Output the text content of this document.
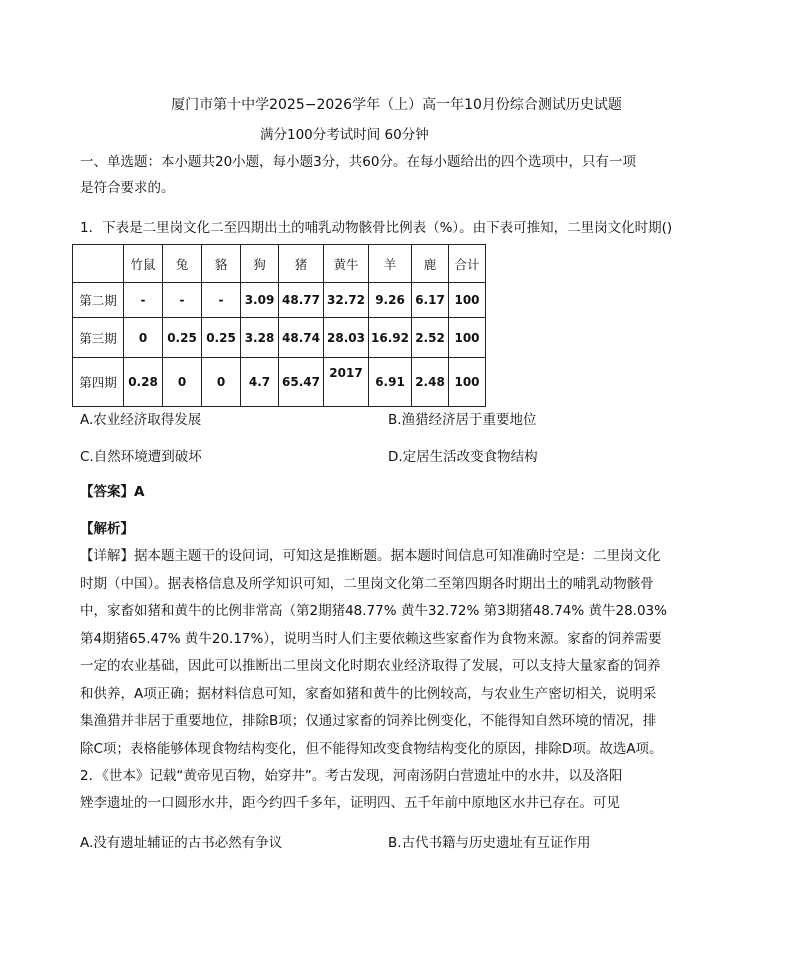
厦门市第十中学2025−2026学年（上）高一年10月份综合测试历史试题
满分100分考试时间 60分钟
一、单选题：本小题共20小题，每小题3分，共60分。在每小题给出的四个选项中，只有一项
是符合要求的。
1．下表是二里岗文化二至四期出土的哺乳动物骸骨比例表（%）。由下表可推知，二里岗文化时期()
	竹鼠	兔	貉	狗	猪	黄牛	羊	鹿	合计
第二期	-	-	-	3.09	48.77	32.72	9.26	6.17	100
第三期	0	0.25	0.25	3.28	48.74	28.03	16.92	2.52	100
第四期	0.28	0	0	4.7	65.47	2017	6.91	2.48	100
A.农业经济取得发展	B.渔猎经济居于重要地位
C.自然环境遭到破坏	D.定居生活改变食物结构
【答案】A
【解析】
【详解】据本题主题干的设问词，可知这是推断题。据本题时间信息可知准确时空是：二里岗文化
时期（中国）。据表格信息及所学知识可知，二里岗文化第二至第四期各时期出土的哺乳动物骸骨
中，家畜如猪和黄牛的比例非常高（第2期猪48.77% 黄牛32.72% 第3期猪48.74% 黄牛28.03%
第4期猪65.47% 黄牛20.17%），说明当时人们主要依赖这些家畜作为食物来源。家畜的饲养需要
一定的农业基础，因此可以推断出二里岗文化时期农业经济取得了发展，可以支持大量家畜的饲养
和供养，A项正确；据材料信息可知，家畜如猪和黄牛的比例较高，与农业生产密切相关，说明采
集渔猎并非居于重要地位，排除B项；仅通过家畜的饲养比例变化，不能得知自然环境的情况，排
除C项；表格能够体现食物结构变化，但不能得知改变食物结构变化的原因，排除D项。故选A项。
2．《世本》记载“黄帝见百物，始穿井”。考古发现，河南汤阴白营遗址中的水井，以及洛阳
矬李遗址的一口圆形水井，距今约四千多年，证明四、五千年前中原地区水井已存在。可见
A.没有遗址辅证的古书必然有争议	B.古代书籍与历史遗址有互证作用
